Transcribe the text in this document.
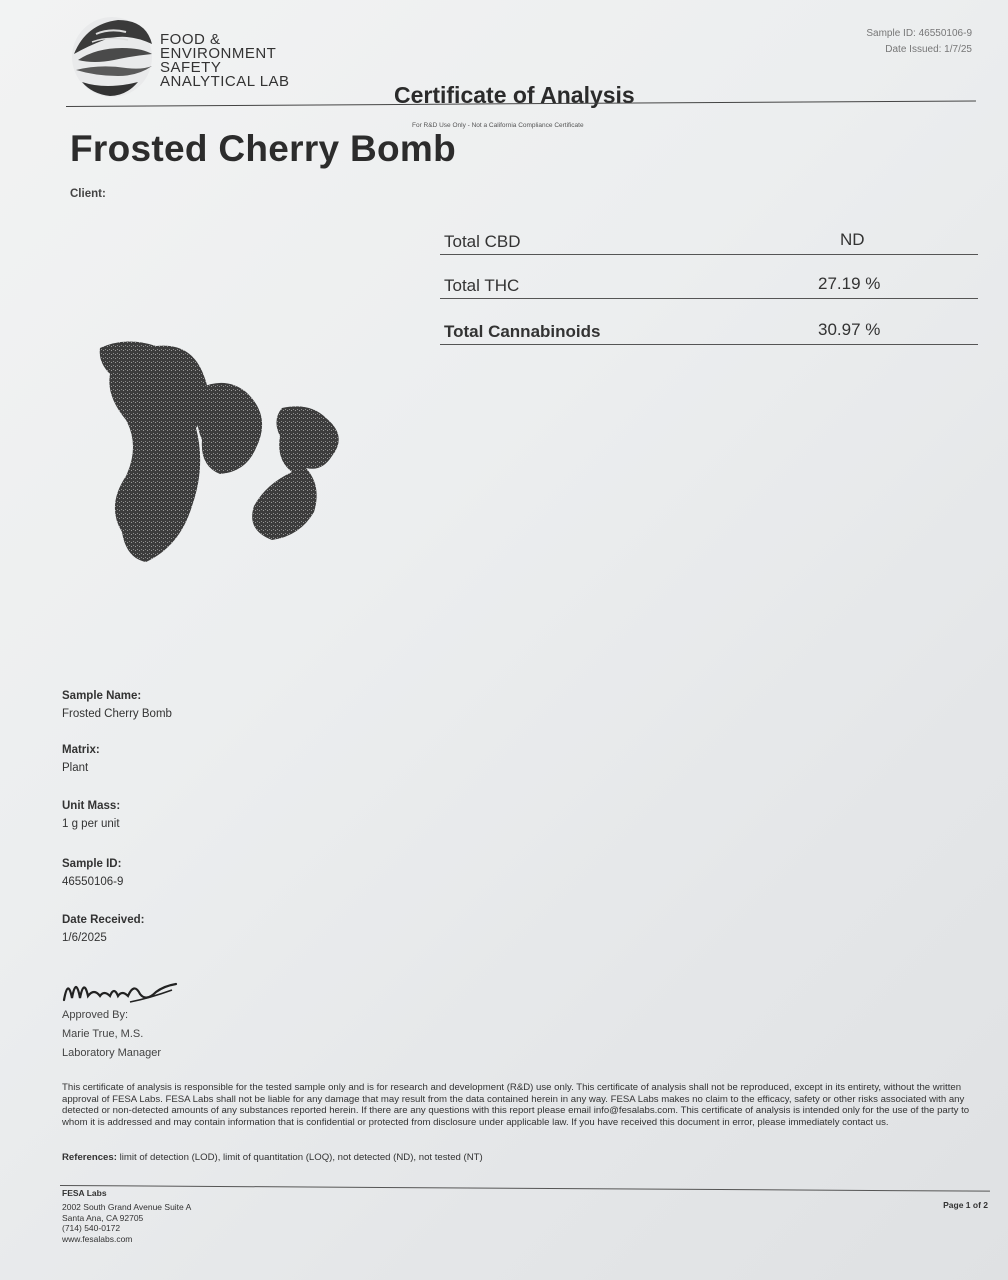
FOOD &
ENVIRONMENT
SAFETY
ANALYTICAL LAB
Sample ID: 46550106-9
Date Issued: 1/7/25
Certificate of Analysis
For R&D Use Only - Not a California Compliance Certificate
Frosted Cherry Bomb
Client:
Total CBD	ND
Total THC	27.19 %
Total Cannabinoids	30.97 %
Sample Name:
Frosted Cherry Bomb
Matrix:
Plant
Unit Mass:
1 g per unit
Sample ID:
46550106-9
Date Received:
1/6/2025
Approved By:
Marie True, M.S.
Laboratory Manager
This certificate of analysis is responsible for the tested sample only and is for research and development (R&D) use only. This certificate of analysis shall not be reproduced, except in its entirety, without the written approval of FESA Labs. FESA Labs shall not be liable for any damage that may result from the data contained herein in any way. FESA Labs makes no claim to the efficacy, safety or other risks associated with any detected or non-detected amounts of any substances reported herein. If there are any questions with this report please email info@fesalabs.com. This certificate of analysis is intended only for the use of the party to whom it is addressed and may contain information that is confidential or protected from disclosure under applicable law. If you have received this document in error, please immediately contact us.
References: limit of detection (LOD), limit of quantitation (LOQ), not detected (ND), not tested (NT)
FESA Labs
2002 South Grand Avenue Suite A
Santa Ana, CA 92705
(714) 540-0172
www.fesalabs.com
Page 1 of 2
